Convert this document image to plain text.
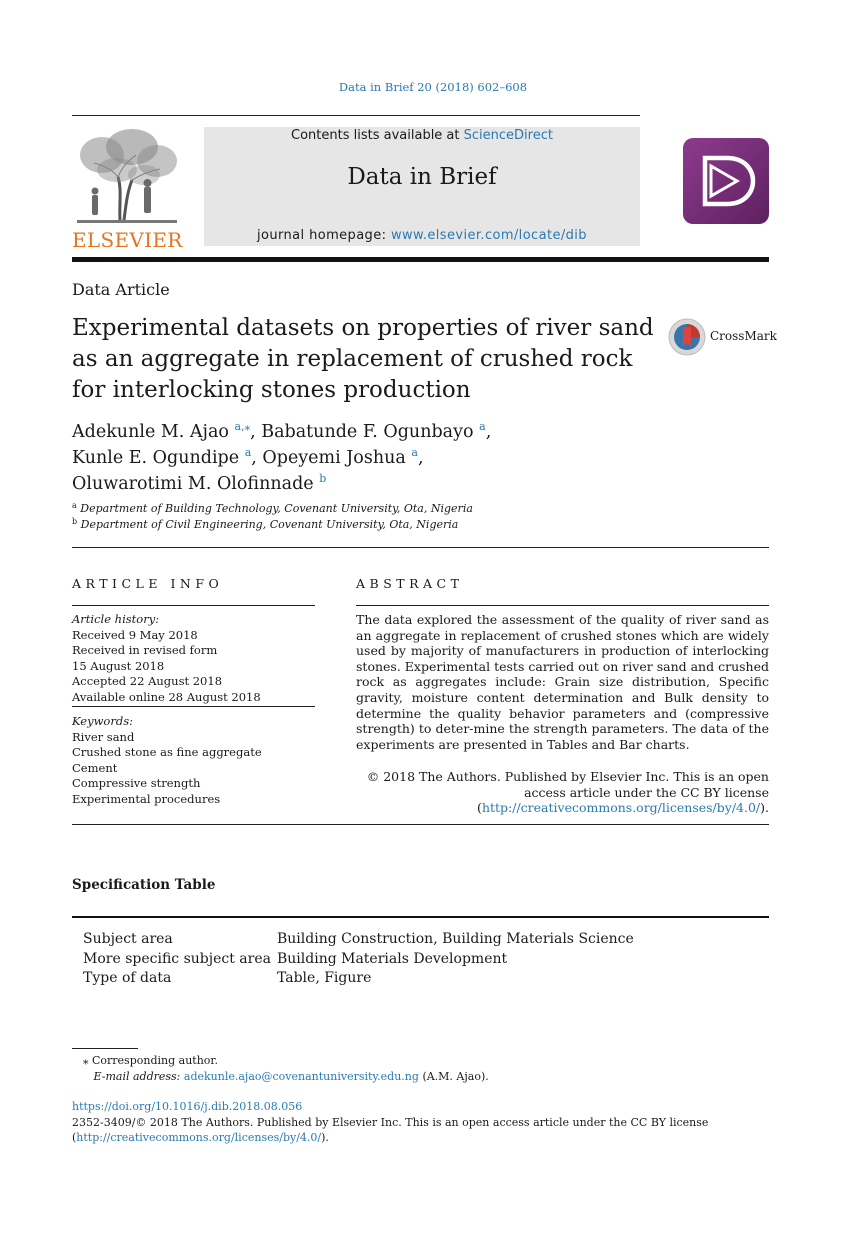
Data in Brief 20 (2018) 602–608
ELSEVIER
Contents lists available at ScienceDirect
Data in Brief
journal homepage: www.elsevier.com/locate/dib
Data Article
Experimental datasets on properties of river sand as an aggregate in replacement of crushed rock for interlocking stones production
CrossMark
Adekunle M. Ajao $^{a,⁎}$, Babatunde F. Ogunbayo $^a$,
Kunle E. Ogundipe $^a$, Opeyemi Joshua $^a$,
Oluwarotimi M. Olofinnade $^b$
$^a$ Department of Building Technology, Covenant University, Ota, Nigeria
$^b$ Department of Civil Engineering, Covenant University, Ota, Nigeria
ARTICLE INFO
Article history:
Received 9 May 2018
Received in revised form
15 August 2018
Accepted 22 August 2018
Available online 28 August 2018
Keywords:
River sand
Crushed stone as fine aggregate
Cement
Compressive strength
Experimental procedures
ABSTRACT
The data explored the assessment of the quality of river sand as an aggregate in replacement of crushed stones which are widely used by majority of manufacturers in production of interlocking stones. Experimental tests carried out on river sand and crushed rock as aggregates include: Grain size distribution, Specific gravity, moisture content determination and Bulk density to determine the quality behavior parameters and (compressive strength) to deter-mine the strength parameters. The data of the experiments are presented in Tables and Bar charts.
© 2018 The Authors. Published by Elsevier Inc. This is an open
access article under the CC BY license
(http://creativecommons.org/licenses/by/4.0/).
Specification Table
Subject area	Building Construction, Building Materials Science
More specific subject area	Building Materials Development
Type of data	Table, Figure
⁎ Corresponding author.
E-mail address: adekunle.ajao@covenantuniversity.edu.ng (A.M. Ajao).
https://doi.org/10.1016/j.dib.2018.08.056
2352-3409/© 2018 The Authors. Published by Elsevier Inc. This is an open access article under the CC BY license
(http://creativecommons.org/licenses/by/4.0/).
